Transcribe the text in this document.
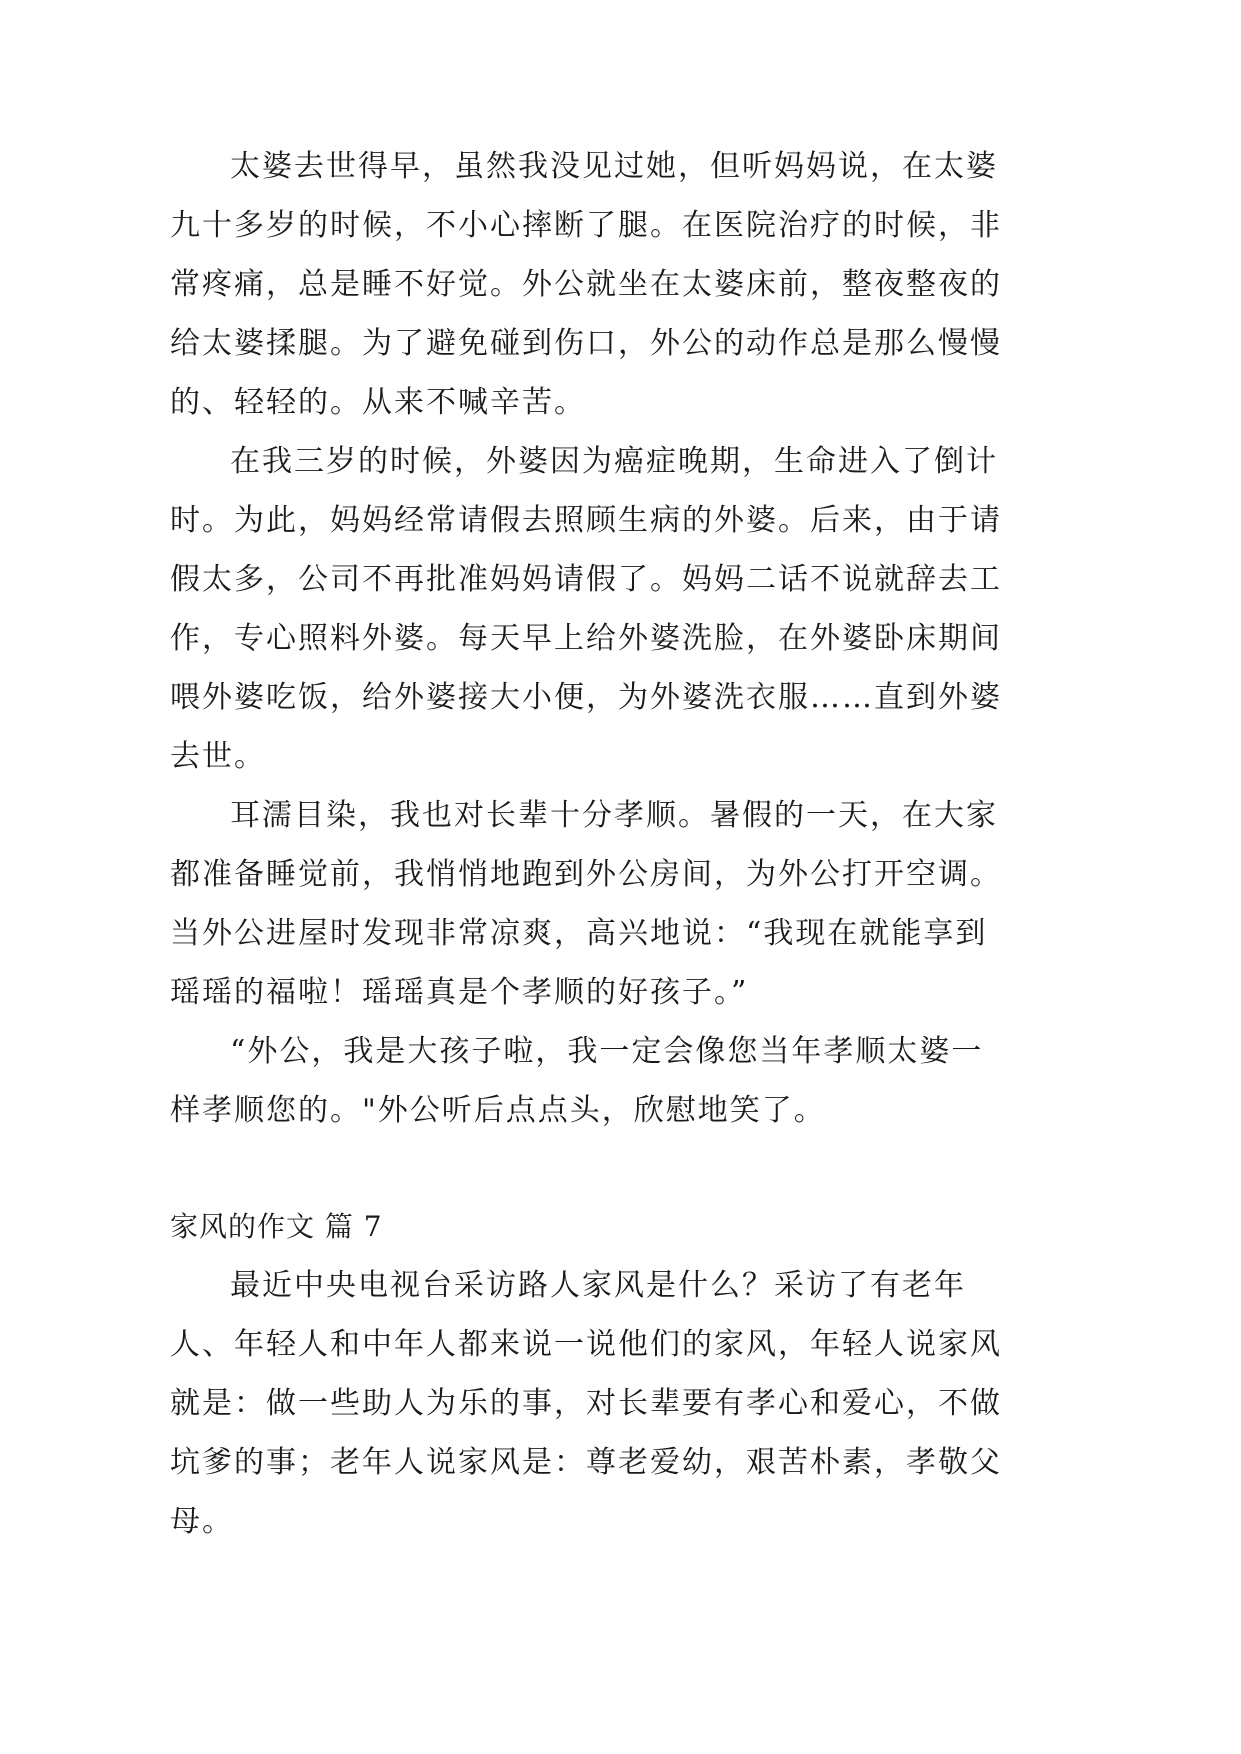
太婆去世得早，虽然我没见过她，但听妈妈说，在太婆
九十多岁的时候，不小心摔断了腿。在医院治疗的时候，非
常疼痛，总是睡不好觉。外公就坐在太婆床前，整夜整夜的
给太婆揉腿。为了避免碰到伤口，外公的动作总是那么慢慢
的、轻轻的。从来不喊辛苦。
在我三岁的时候，外婆因为癌症晚期，生命进入了倒计
时。为此，妈妈经常请假去照顾生病的外婆。后来，由于请
假太多，公司不再批准妈妈请假了。妈妈二话不说就辞去工
作，专心照料外婆。每天早上给外婆洗脸，在外婆卧床期间
喂外婆吃饭，给外婆接大小便，为外婆洗衣服……直到外婆
去世。
耳濡目染，我也对长辈十分孝顺。暑假的一天，在大家
都准备睡觉前，我悄悄地跑到外公房间，为外公打开空调。
当外公进屋时发现非常凉爽，高兴地说：“我现在就能享到
瑶瑶的福啦！瑶瑶真是个孝顺的好孩子。”
“外公，我是大孩子啦，我一定会像您当年孝顺太婆一
样孝顺您的。"外公听后点点头，欣慰地笑了。
家风的作文 篇 7
最近中央电视台采访路人家风是什么？采访了有老年
人、年轻人和中年人都来说一说他们的家风，年轻人说家风
就是：做一些助人为乐的事，对长辈要有孝心和爱心，不做
坑爹的事；老年人说家风是：尊老爱幼，艰苦朴素，孝敬父
母。
